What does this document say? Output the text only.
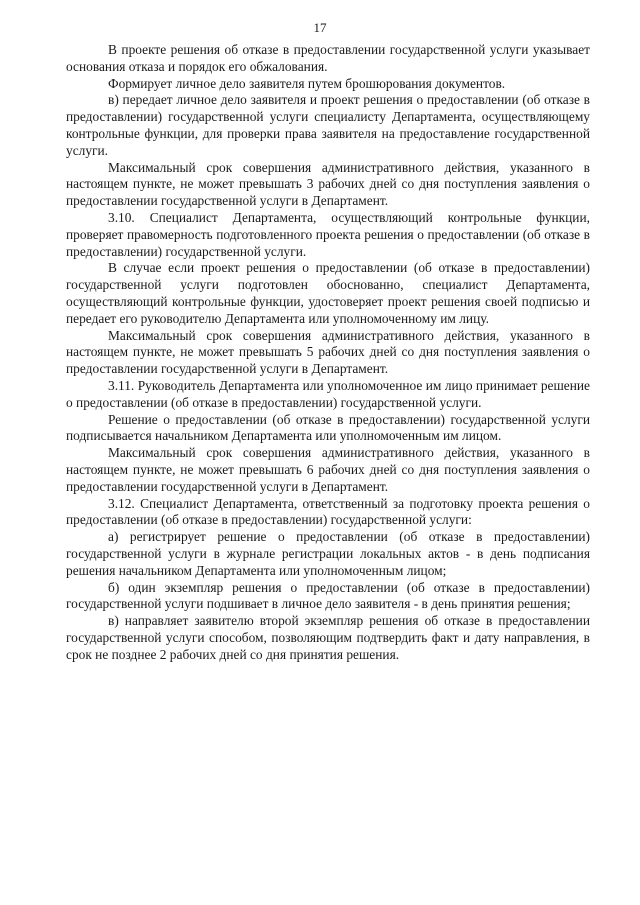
17

В проекте решения об отказе в предоставлении государственной услуги указывает основания отказа и порядок его обжалования.

Формирует личное дело заявителя путем брошюрования документов.

в) передает личное дело заявителя и проект решения о предоставлении (об отказе в предоставлении) государственной услуги специалисту Департамента, осуществляющему контрольные функции, для проверки права заявителя на предоставление государственной услуги.

Максимальный срок совершения административного действия, указанного в настоящем пункте, не может превышать 3 рабочих дней со дня поступления заявления о предоставлении государственной услуги в Департамент.

3.10. Специалист Департамента, осуществляющий контрольные функции, проверяет правомерность подготовленного проекта решения о предоставлении (об отказе в предоставлении) государственной услуги.

В случае если проект решения о предоставлении (об отказе в предоставлении) государственной услуги подготовлен обоснованно, специалист Департамента, осуществляющий контрольные функции, удостоверяет проект решения своей подписью и передает его руководителю Департамента или уполномоченному им лицу.

Максимальный срок совершения административного действия, указанного в настоящем пункте, не может превышать 5 рабочих дней со дня поступления заявления о предоставлении государственной услуги в Департамент.

3.11. Руководитель Департамента или уполномоченное им лицо принимает решение о предоставлении (об отказе в предоставлении) государственной услуги.

Решение о предоставлении (об отказе в предоставлении) государственной услуги подписывается начальником Департамента или уполномоченным им лицом.

Максимальный срок совершения административного действия, указанного в настоящем пункте, не может превышать 6 рабочих дней со дня поступления заявления о предоставлении государственной услуги в Департамент.

3.12. Специалист Департамента, ответственный за подготовку проекта решения о предоставлении (об отказе в предоставлении) государственной услуги:

а) регистрирует решение о предоставлении (об отказе в предоставлении) государственной услуги в журнале регистрации локальных актов - в день подписания решения начальником Департамента или уполномоченным лицом;

б) один экземпляр решения о предоставлении (об отказе в предоставлении) государственной услуги подшивает в личное дело заявителя - в день принятия решения;

в) направляет заявителю второй экземпляр решения об отказе в предоставлении государственной услуги способом, позволяющим подтвердить факт и дату направления, в срок не позднее 2 рабочих дней со дня принятия решения.
